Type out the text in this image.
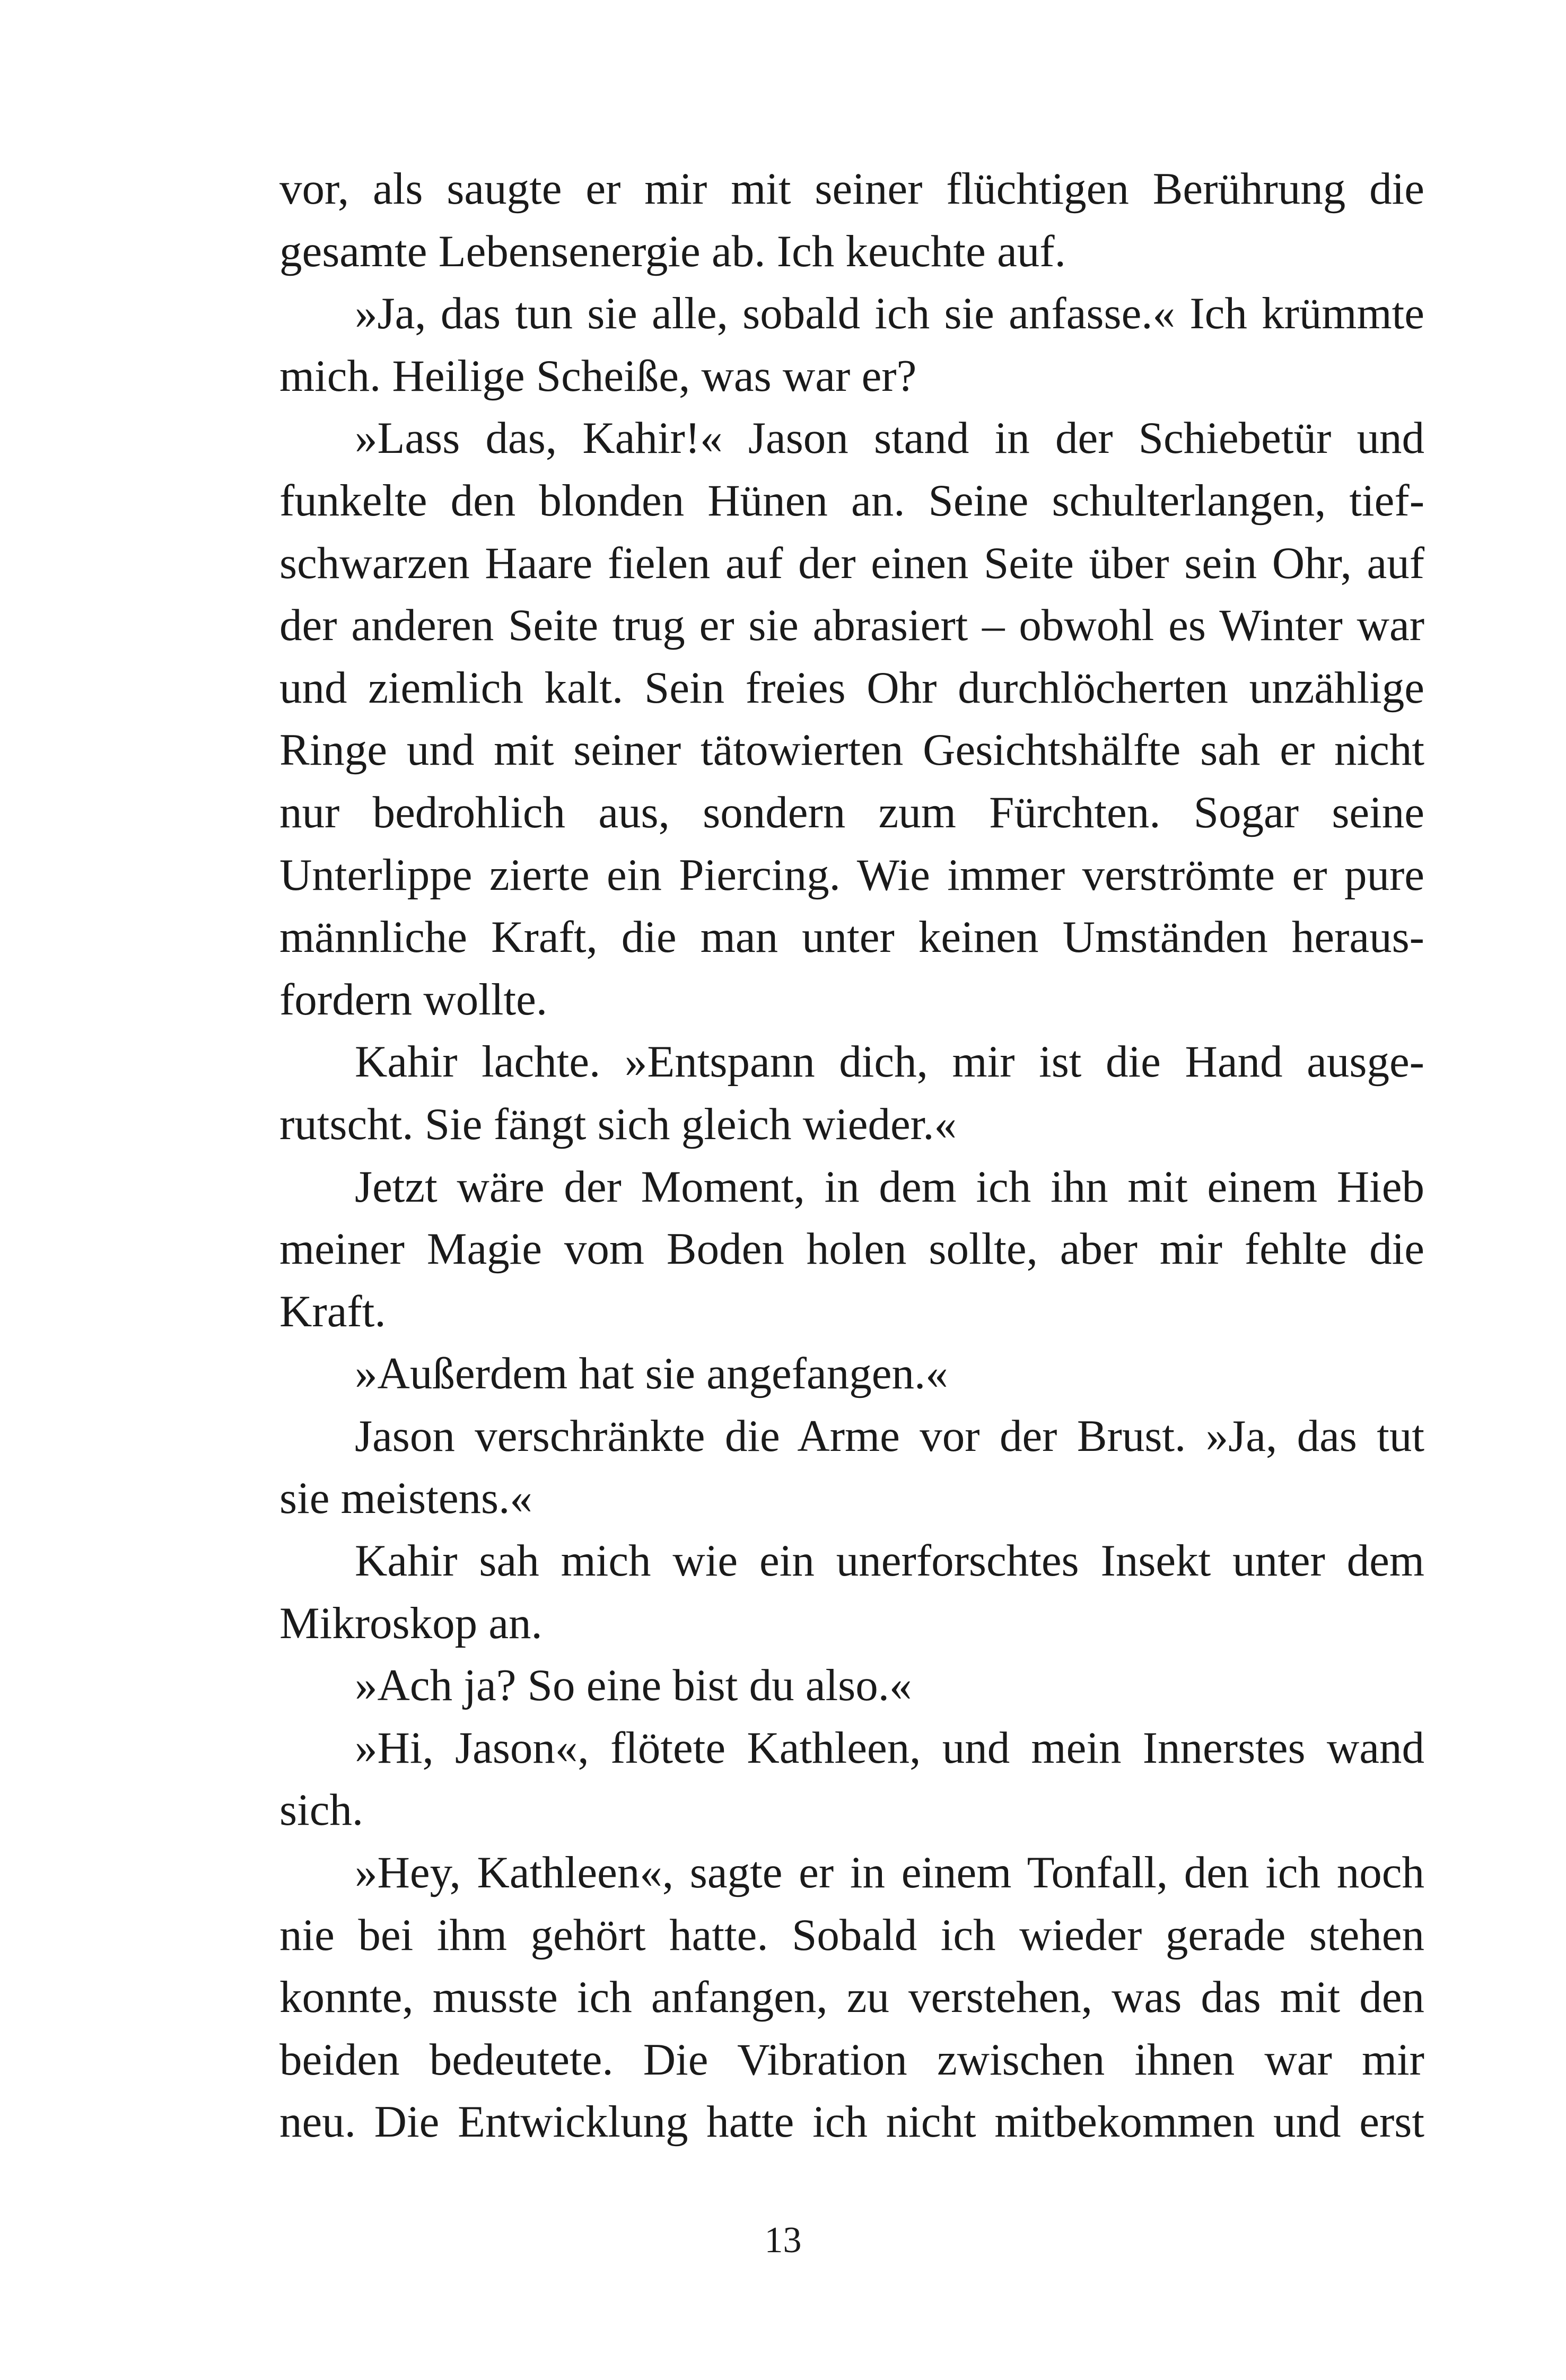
vor, als saugte er mir mit seiner flüchtigen Berührung die
gesamte Lebensenergie ab. Ich keuchte auf.
»Ja, das tun sie alle, sobald ich sie anfasse.« Ich krümmte
mich. Heilige Scheiße, was war er?
»Lass das, Kahir!« Jason stand in der Schiebetür und
funkelte den blonden Hünen an. Seine schulterlangen, tief-
schwarzen Haare fielen auf der einen Seite über sein Ohr, auf
der anderen Seite trug er sie abrasiert – obwohl es Winter war
und ziemlich kalt. Sein freies Ohr durchlöcherten unzählige
Ringe und mit seiner tätowierten Gesichtshälfte sah er nicht
nur bedrohlich aus, sondern zum Fürchten. Sogar seine
Unterlippe zierte ein Piercing. Wie immer verströmte er pure
männliche Kraft, die man unter keinen Umständen heraus-
fordern wollte.
Kahir lachte. »Entspann dich, mir ist die Hand ausge-
rutscht. Sie fängt sich gleich wieder.«
Jetzt wäre der Moment, in dem ich ihn mit einem Hieb
meiner Magie vom Boden holen sollte, aber mir fehlte die
Kraft.
»Außerdem hat sie angefangen.«
Jason verschränkte die Arme vor der Brust. »Ja, das tut
sie meistens.«
Kahir sah mich wie ein unerforschtes Insekt unter dem
Mikroskop an.
»Ach ja? So eine bist du also.«
»Hi, Jason«, flötete Kathleen, und mein Innerstes wand
sich.
»Hey, Kathleen«, sagte er in einem Tonfall, den ich noch
nie bei ihm gehört hatte. Sobald ich wieder gerade stehen
konnte, musste ich anfangen, zu verstehen, was das mit den
beiden bedeutete. Die Vibration zwischen ihnen war mir
neu. Die Entwicklung hatte ich nicht mitbekommen und erst
13
